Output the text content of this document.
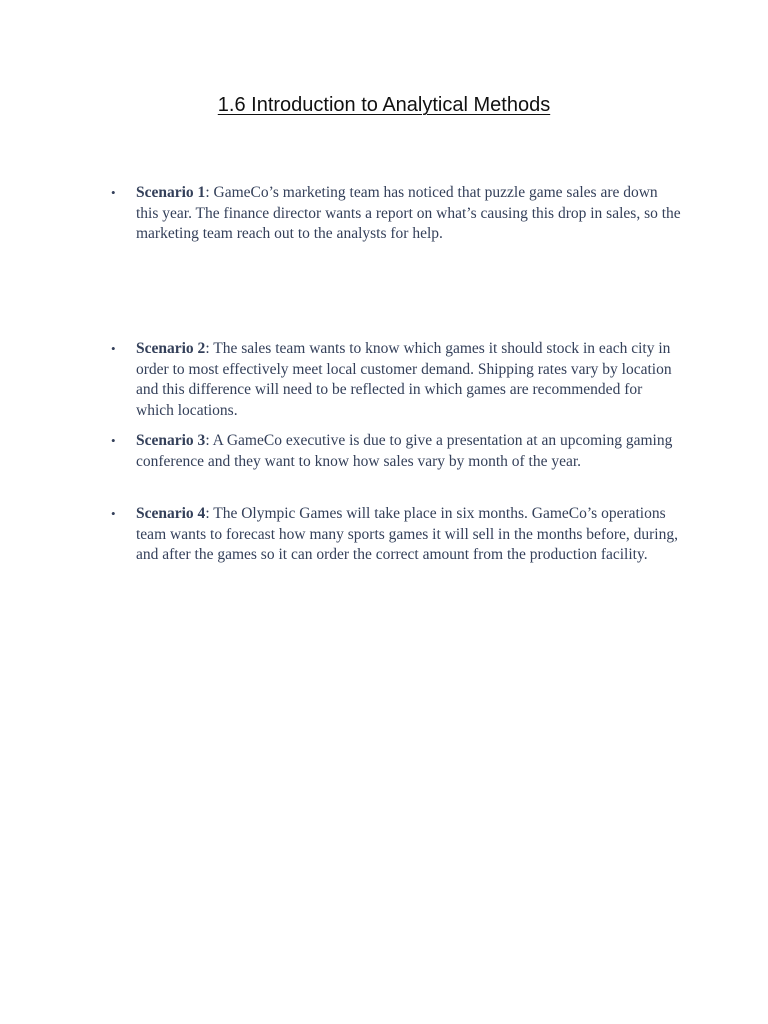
1.6 Introduction to Analytical Methods
•	Scenario 1: GameCo’s marketing team has noticed that puzzle game sales are down this year. The finance director wants a report on what’s causing this drop in sales, so the marketing team reach out to the analysts for help.
•	Scenario 2: The sales team wants to know which games it should stock in each city in order to most effectively meet local customer demand. Shipping rates vary by location and this difference will need to be reflected in which games are recommended for which locations.
•	Scenario 3: A GameCo executive is due to give a presentation at an upcoming gaming conference and they want to know how sales vary by month of the year.
•	Scenario 4: The Olympic Games will take place in six months. GameCo’s operations team wants to forecast how many sports games it will sell in the months before, during, and after the games so it can order the correct amount from the production facility.
